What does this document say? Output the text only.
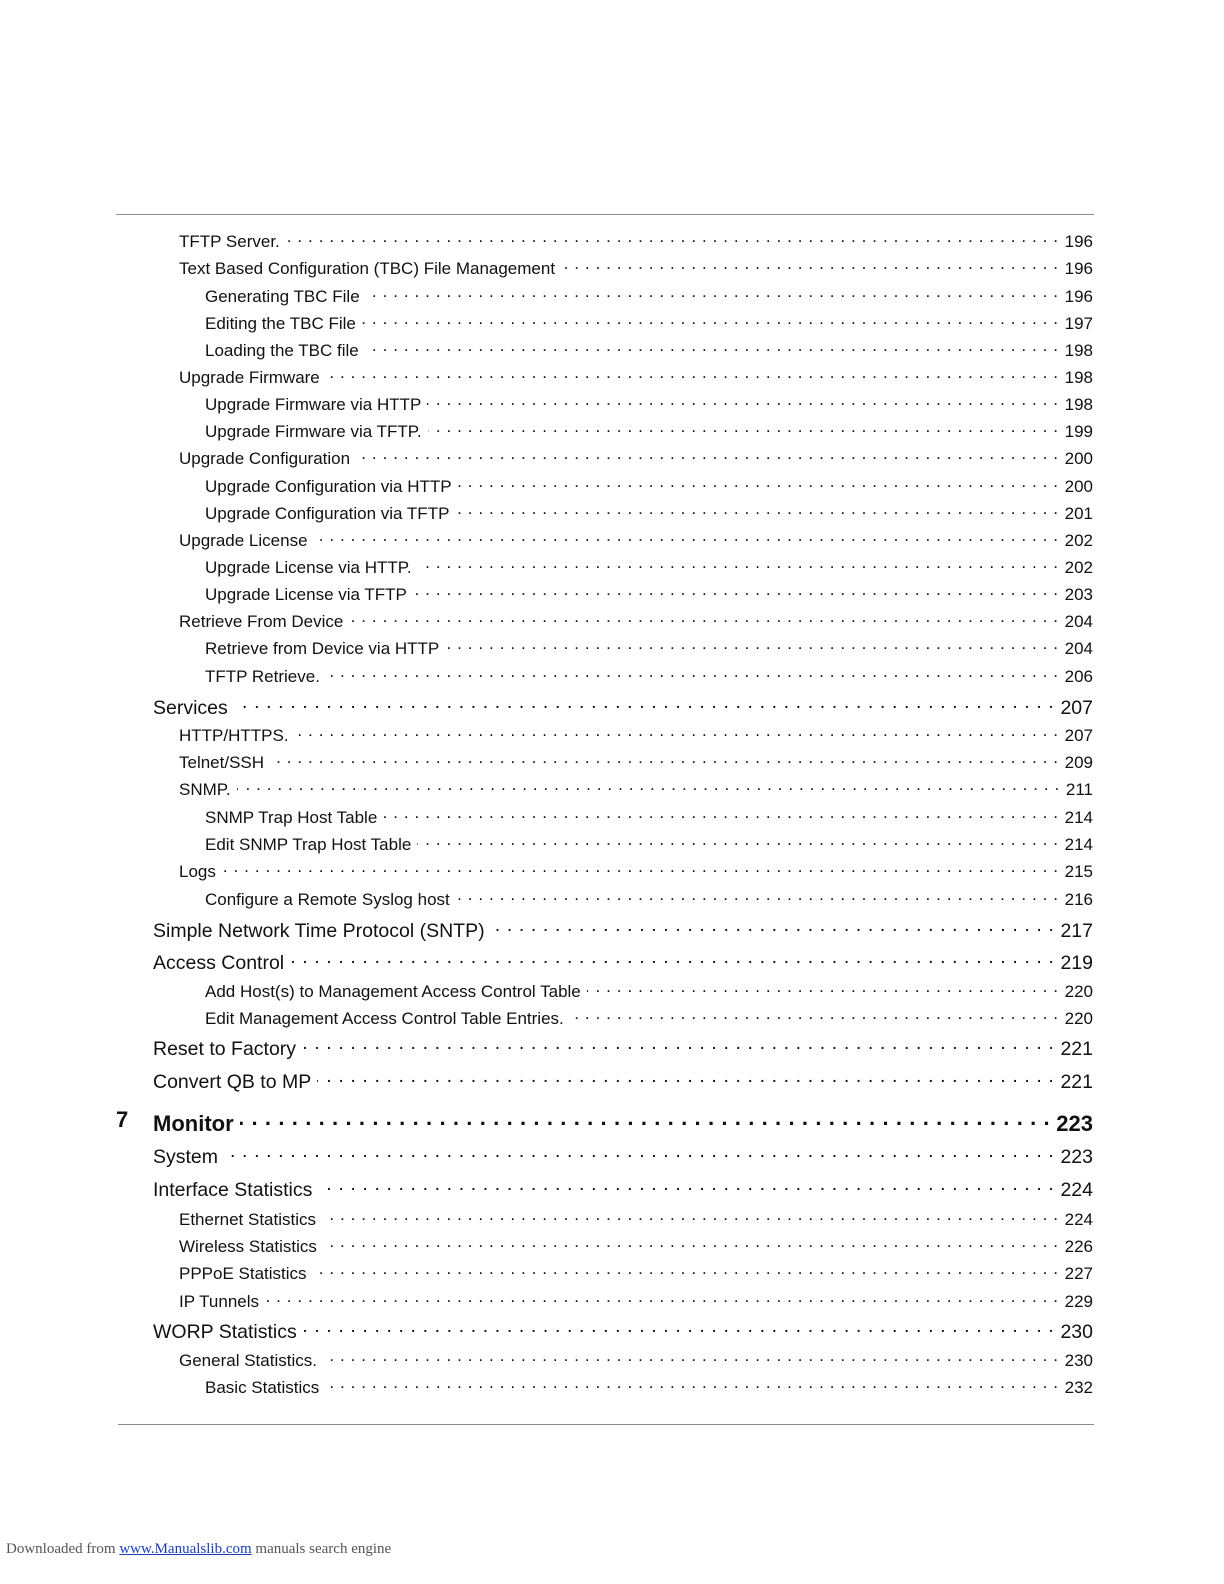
TFTP Server. . . .	196
Text Based Configuration (TBC) File Management . . .	196
Generating TBC File . . .	196
Editing the TBC File . . .	197
Loading the TBC file . . .	198
Upgrade Firmware . . .	198
Upgrade Firmware via HTTP . . .	198
Upgrade Firmware via TFTP. . . .	199
Upgrade Configuration . . .	200
Upgrade Configuration via HTTP . . .	200
Upgrade Configuration via TFTP . . .	201
Upgrade License . . .	202
Upgrade License via HTTP. . . .	202
Upgrade License via TFTP . . .	203
Retrieve From Device . . .	204
Retrieve from Device via HTTP . . .	204
TFTP Retrieve. . . .	206
Services . . .	207
HTTP/HTTPS. . . .	207
Telnet/SSH . . .	209
SNMP. . . .	211
SNMP Trap Host Table . . .	214
Edit SNMP Trap Host Table . . .	214
Logs . . .	215
Configure a Remote Syslog host . . .	216
Simple Network Time Protocol (SNTP) . . .	217
Access Control . . .	219
Add Host(s) to Management Access Control Table . . .	220
Edit Management Access Control Table Entries. . . .	220
Reset to Factory . . .	221
Convert QB to MP . . .	221
7 Monitor . . .	223
System . . .	223
Interface Statistics . . .	224
Ethernet Statistics . . .	224
Wireless Statistics . . .	226
PPPoE Statistics . . .	227
IP Tunnels . . .	229
WORP Statistics . . .	230
General Statistics. . . .	230
Basic Statistics . . .	232
Downloaded from www.Manualslib.com manuals search engine
